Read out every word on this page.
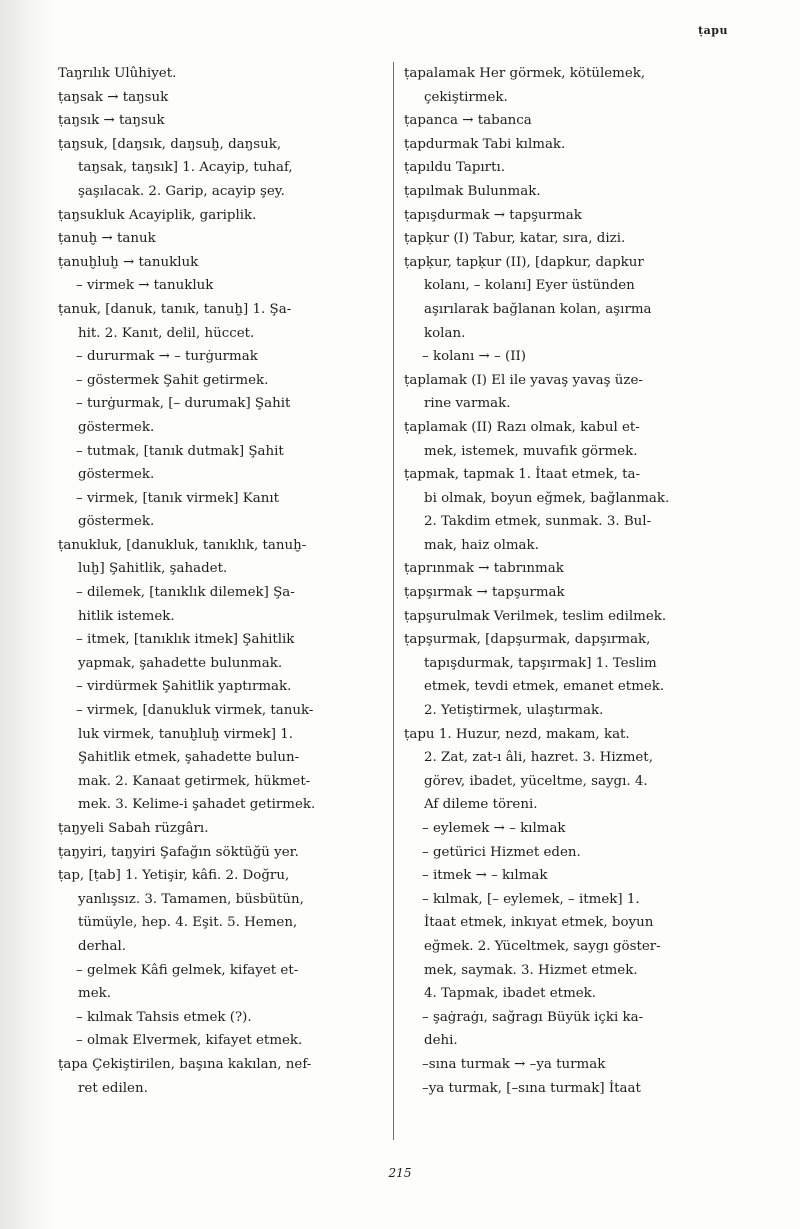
ṭapu
Taŋrılık Ulûhiyet.
ṭaŋsak → taŋsuk
ṭaŋsık → taŋsuk
ṭaŋsuk, [daŋsık, daŋsuḫ, daŋsuk,
taŋsak, taŋsık] 1. Acayip, tuhaf,
şaşılacak. 2. Garip, acayip şey.
ṭaŋsukluk Acayiplik, gariplik.
ṭanuḫ → tanuk
ṭanuḫluḫ → tanukluk
– virmek → tanukluk
ṭanuk, [danuk, tanık, tanuḫ] 1. Şa-
hit. 2. Kanıt, delil, hüccet.
– dururmak → – turġurmak
– göstermek Şahit getirmek.
– turġurmak, [– durumak] Şahit
göstermek.
– tutmak, [tanık dutmak] Şahit
göstermek.
– virmek, [tanık virmek] Kanıt
göstermek.
ṭanukluk, [danukluk, tanıklık, tanuḫ-
luḫ] Şahitlik, şahadet.
– dilemek, [tanıklık dilemek] Şa-
hitlik istemek.
– itmek, [tanıklık itmek] Şahitlik
yapmak, şahadette bulunmak.
– virdürmek Şahitlik yaptırmak.
– virmek, [danukluk virmek, tanuk-
luk virmek, tanuḫluḫ virmek] 1.
Şahitlik etmek, şahadette bulun-
mak. 2. Kanaat getirmek, hükmet-
mek. 3. Kelime-i şahadet getirmek.
ṭaŋyeli Sabah rüzgârı.
ṭaŋyiri, taŋyiri Şafağın söktüğü yer.
ṭap, [ṭab] 1. Yetişir, kâfi. 2. Doğru,
yanlışsız. 3. Tamamen, büsbütün,
tümüyle, hep. 4. Eşit. 5. Hemen,
derhal.
– gelmek Kâfi gelmek, kifayet et-
mek.
– kılmak Tahsis etmek (?).
– olmak Elvermek, kifayet etmek.
ṭapa Çekiştirilen, başına kakılan, nef-
ret edilen.
ṭapalamak Her görmek, kötülemek,
çekiştirmek.
ṭapanca → tabanca
ṭapdurmak Tabi kılmak.
ṭapıldu Tapırtı.
ṭapılmak Bulunmak.
ṭapışdurmak → tapşurmak
ṭapḳur (I) Tabur, katar, sıra, dizi.
ṭapḳur, tapḳur (II), [dapkur, dapkur
kolanı, – kolanı] Eyer üstünden
aşırılarak bağlanan kolan, aşırma
kolan.
– kolanı → – (II)
ṭaplamak (I) El ile yavaş yavaş üze-
rine varmak.
ṭaplamak (II) Razı olmak, kabul et-
mek, istemek, muvafık görmek.
ṭapmak, tapmak 1. İtaat etmek, ta-
bi olmak, boyun eğmek, bağlanmak.
2. Takdim etmek, sunmak. 3. Bul-
mak, haiz olmak.
ṭaprınmak → tabrınmak
ṭapşırmak → tapşurmak
ṭapşurulmak Verilmek, teslim edilmek.
ṭapşurmak, [dapşurmak, dapşırmak,
tapışdurmak, tapşırmak] 1. Teslim
etmek, tevdi etmek, emanet etmek.
2. Yetiştirmek, ulaştırmak.
ṭapu 1. Huzur, nezd, makam, kat.
2. Zat, zat-ı âli, hazret. 3. Hizmet,
görev, ibadet, yüceltme, saygı. 4.
Af dileme töreni.
– eylemek → – kılmak
– getürici Hizmet eden.
– itmek → – kılmak
– kılmak, [– eylemek, – itmek] 1.
İtaat etmek, inkıyat etmek, boyun
eğmek. 2. Yüceltmek, saygı göster-
mek, saymak. 3. Hizmet etmek.
4. Tapmak, ibadet etmek.
– şaġraġı, sağragı Büyük içki ka-
dehi.
–sına turmak → –ya turmak
–ya turmak, [–sına turmak] İtaat
215
